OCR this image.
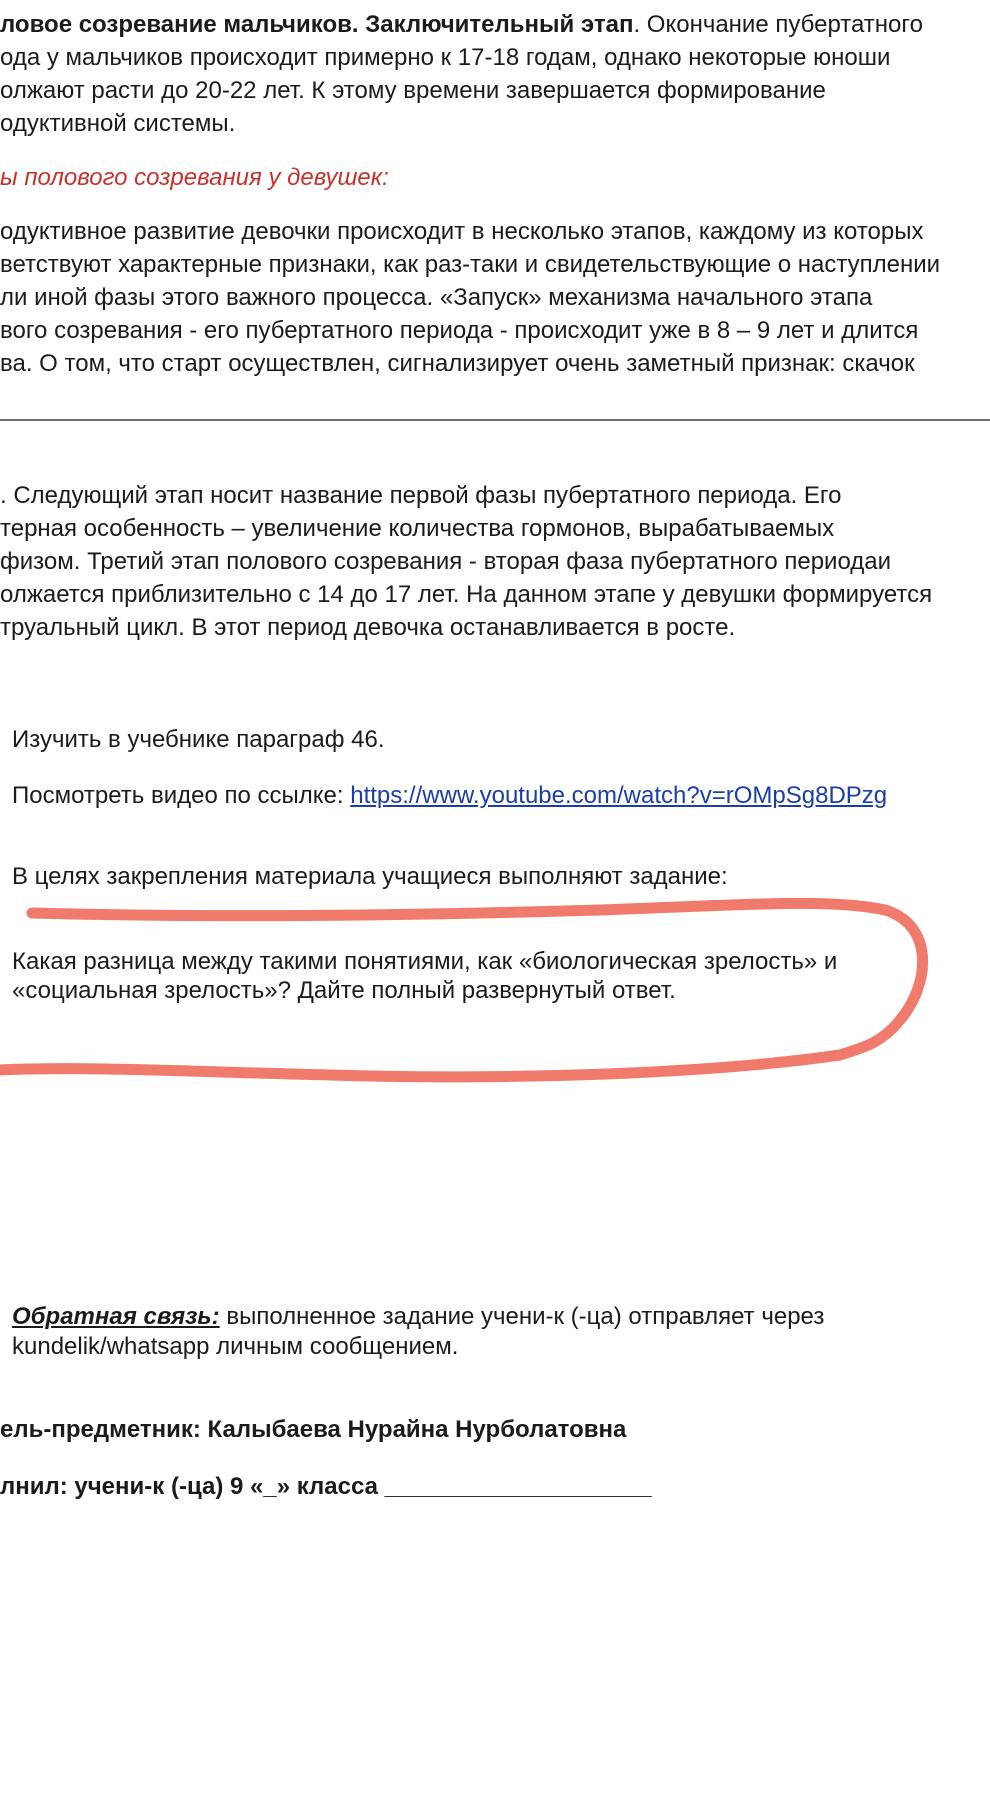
ловое созревание мальчиков. Заключительный этап. Окончание пубертатного
ода у мальчиков происходит примерно к 17-18 годам, однако некоторые юноши
олжают расти до 20-22 лет. К этому времени завершается формирование
одуктивной системы.
ы полового созревания у девушек:
одуктивное развитие девочки происходит в несколько этапов, каждому из которых
ветствуют характерные признаки, как раз-таки и свидетельствующие о наступлении
ли иной фазы этого важного процесса. «Запуск» механизма начального этапа
вого созревания - его пубертатного периода - происходит уже в 8 – 9 лет и длится
ва. О том, что старт осуществлен, сигнализирует очень заметный признак: скачок
. Следующий этап носит название первой фазы пубертатного периода. Его
терная особенность – увеличение количества гормонов, вырабатываемых
физом. Третий этап полового созревания - вторая фаза пубертатного периодаи
олжается приблизительно с 14 до 17 лет. На данном этапе у девушки формируется
труальный цикл. В этот период девочка останавливается в росте.
Изучить в учебнике параграф 46.
Посмотреть видео по ссылке: https://www.youtube.com/watch?v=rOMpSg8DPzg
В целях закрепления материала учащиеся выполняют задание:
Какая разница между такими понятиями, как «биологическая зрелость» и
«социальная зрелость»? Дайте полный развернутый ответ.
Обратная связь: выполненное задание учени-к (-ца) отправляет через
kundelik/whatsapp личным сообщением.
ель-предметник: Калыбаева Нурайна Нурболатовна
лнил: учени-к (-ца) 9 «_» класса ____________________
